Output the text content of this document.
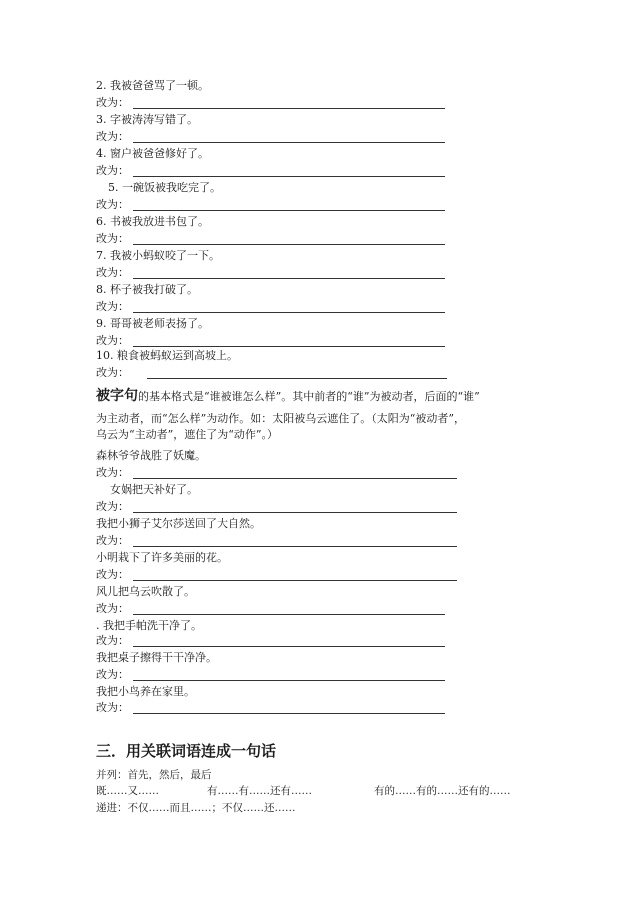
2. 我被爸爸骂了一顿。
改为：
3. 字被涛涛写错了。
改为：
4. 窗户被爸爸修好了。
改为：
5. 一碗饭被我吃完了。
改为：
6. 书被我放进书包了。
改为：
7. 我被小蚂蚁咬了一下。
改为：
8. 杯子被我打破了。
改为：
9. 哥哥被老师表扬了。
改为：
10. 粮食被蚂蚁运到高坡上。
改为：
被字句的基本格式是“谁被谁怎么样”。其中前者的“谁”为被动者，后面的“谁”
为主动者，而“怎么样”为动作。如：太阳被乌云遮住了。（太阳为“被动者”，
乌云为“主动者”，遮住了为“动作”。）
森林爷爷战胜了妖魔。
改为：
女娲把天补好了。
改为：
我把小狮子艾尔莎送回了大自然。
改为：
小明栽下了许多美丽的花。
改为：
风儿把乌云吹散了。
改为：
. 我把手帕洗干净了。
改为：
我把桌子擦得干干净净。
改为：
我把小鸟养在家里。
改为：
三．用关联词语连成一句话
并列：首先，然后，最后
既……又……	有……有……还有……	有的……有的……还有的……
递进：不仅……而且……；不仅……还……
